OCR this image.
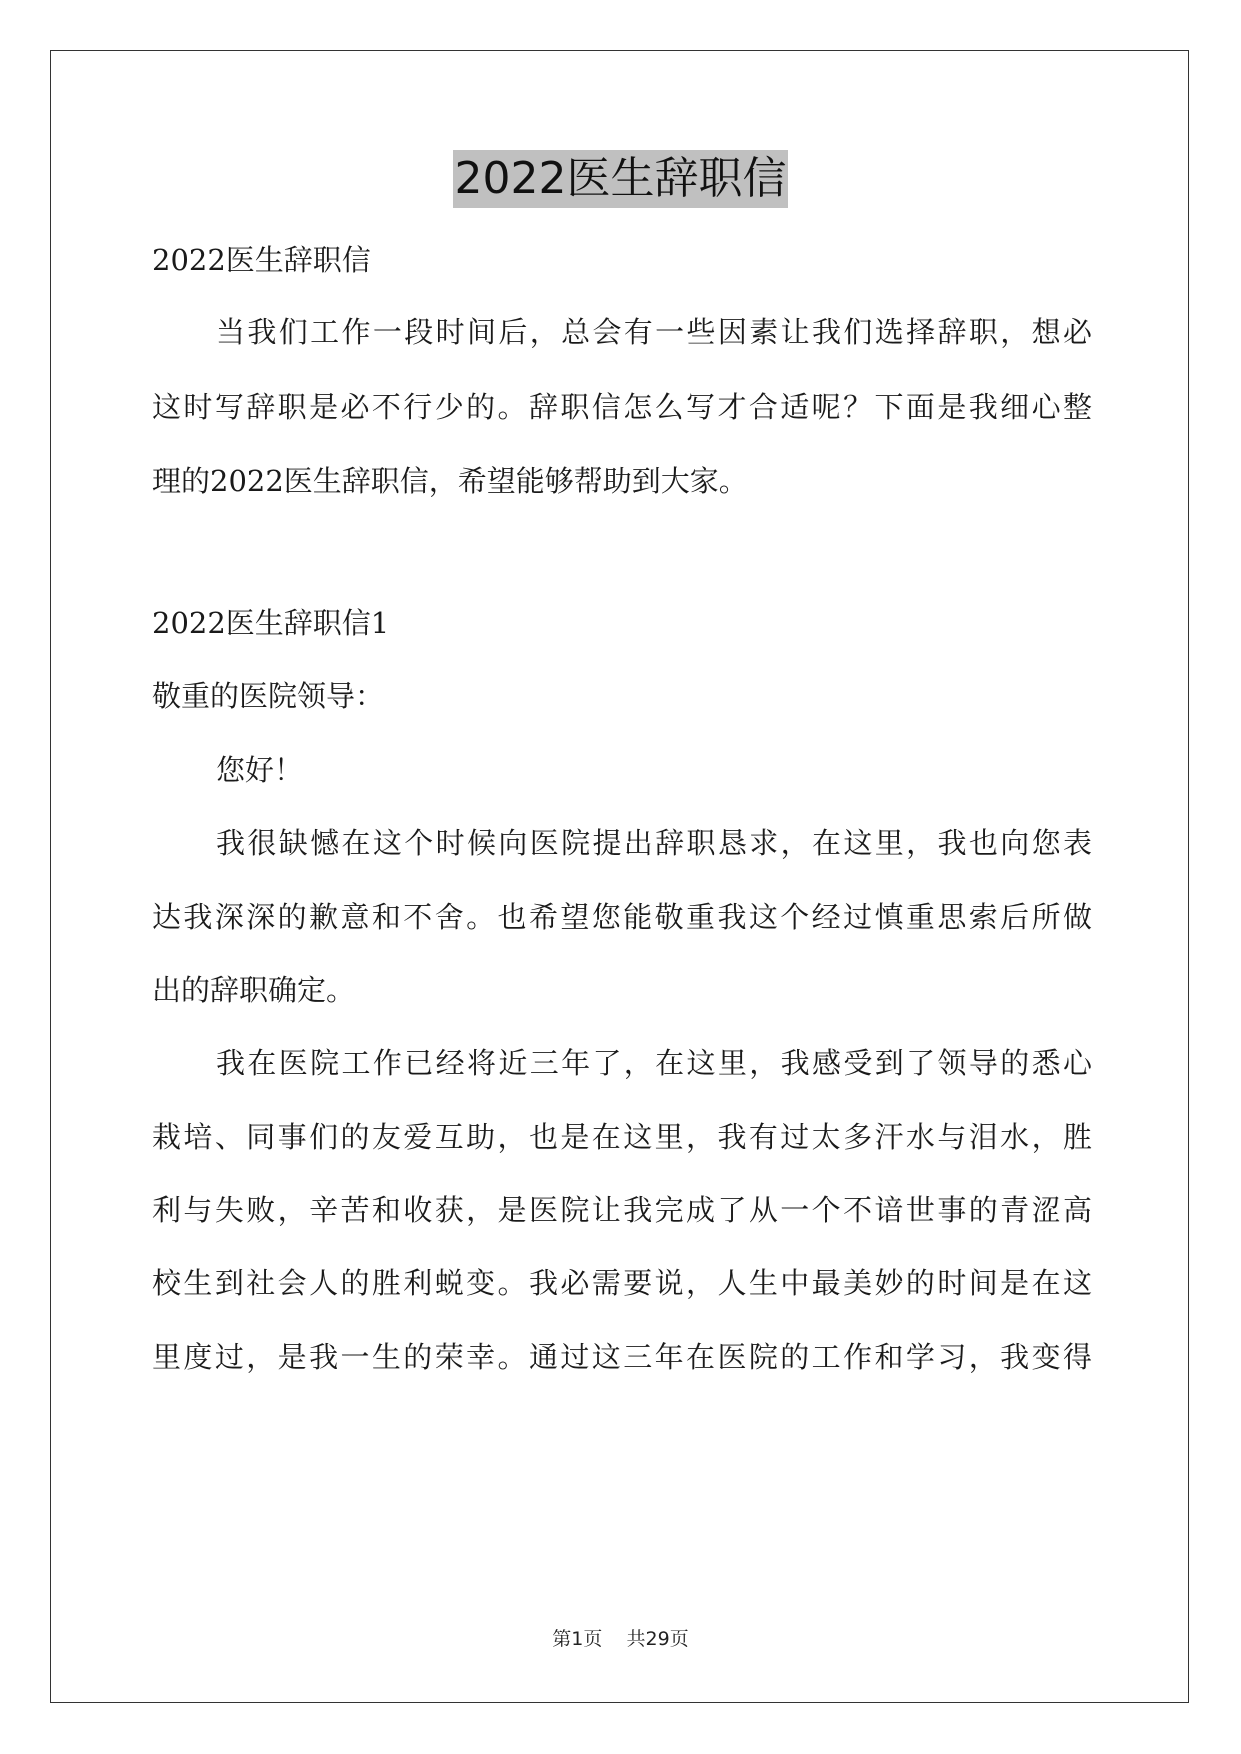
2022医生辞职信
2022医生辞职信
当我们工作一段时间后，总会有一些因素让我们选择辞职，想必
这时写辞职是必不行少的。辞职信怎么写才合适呢？下面是我细心整
理的2022医生辞职信，希望能够帮助到大家。
2022医生辞职信1
敬重的医院领导：
您好！
我很缺憾在这个时候向医院提出辞职恳求，在这里，我也向您表
达我深深的歉意和不舍。也希望您能敬重我这个经过慎重思索后所做
出的辞职确定。
我在医院工作已经将近三年了，在这里，我感受到了领导的悉心
栽培、同事们的友爱互助，也是在这里，我有过太多汗水与泪水，胜
利与失败，辛苦和收获，是医院让我完成了从一个不谙世事的青涩高
校生到社会人的胜利蜕变。我必需要说，人生中最美妙的时间是在这
里度过，是我一生的荣幸。通过这三年在医院的工作和学习，我变得
第1页 共29页
